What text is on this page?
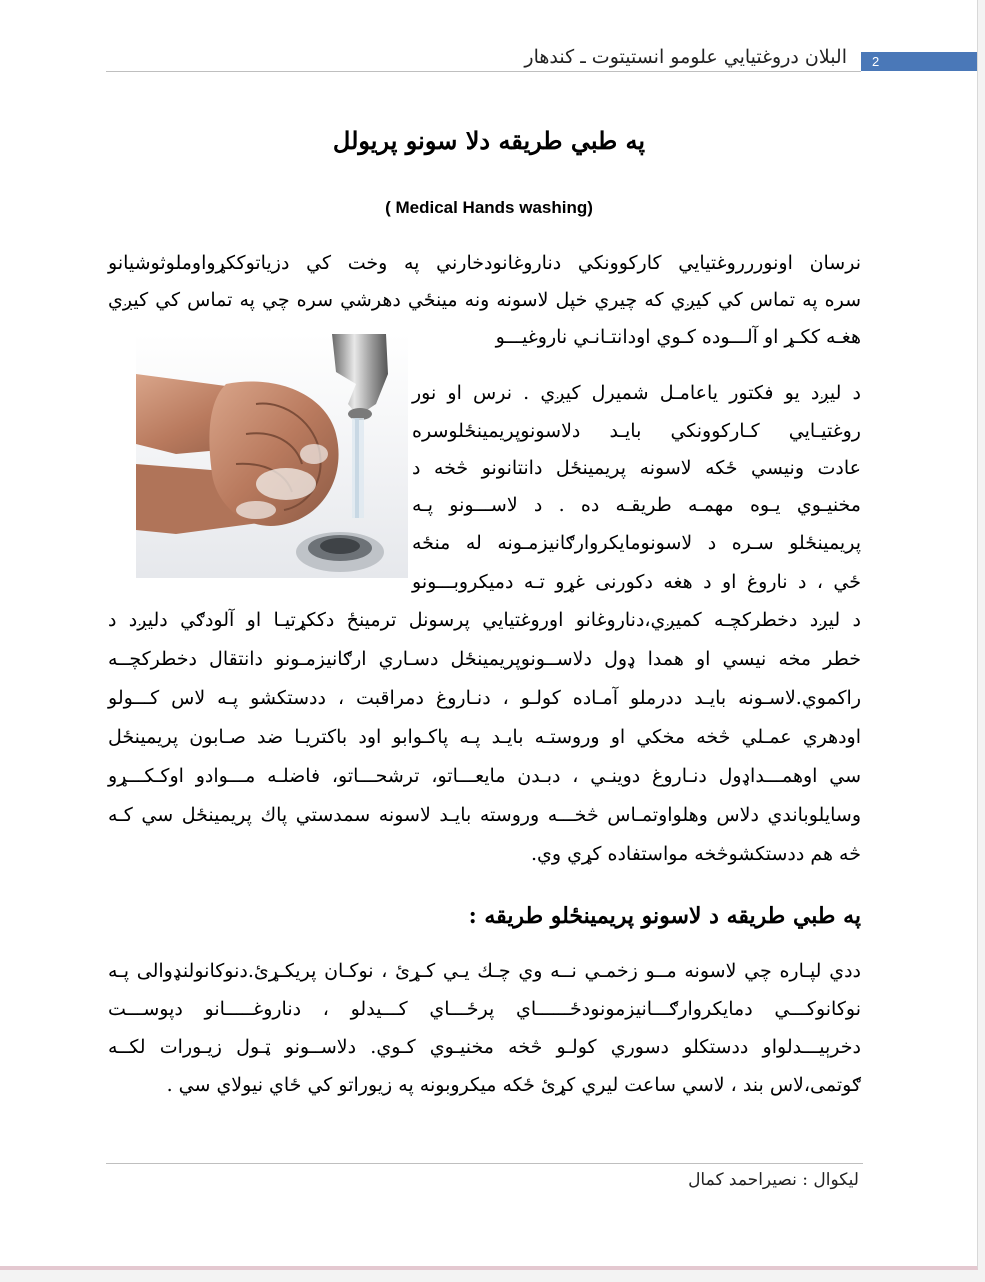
2
البلان دروغتیایي علومو انستیتوت ـ کندهار
په طبي طریقه دلا سونو پریولل
( Medical Hands washing)
نرسان اونوررروغتیایي کارکوونکي دناروغانودخارني په وخت کي دزیاتوککړواوملوثوشیانو
سره په تماس کي کیږي که چیري خپل لاسونه ونه مینځي دهرشي سره چي په تماس کي کیږي
هغـه ککـړ او آلـــوده کـوي اودانتـانـي ناروغیـــو
د لیږد یو فکتور یاعامـل شمیرل کیږي . نرس او نور
روغتیـایي کـارکوونکي بایـد دلاسونوپریمینځلوسره
عادت ونیسي ځکه لاسونه پریمینځل دانتانونو څخه د
مخنیـوي یـوه مهمـه طریقـه ده . د لاســـونو پـه
پریمینځلو سـره د لاسونومایکروارګانیزمـونه له منځه
ځي ، د ناروغ او د هغه دکورنی غړو تـه دمیکروبـــونو
د لیږد دخطرکچـه کمیږي،دناروغانو اوروغتیایي پرسونل ترمینځ دککړتیـا او آلودګي دلیږد د
خطر مخه نیسي او همدا ډول دلاســونوپریمینځل دسـاري ارګانیزمـونو دانتقال دخطرکچــه
راکموي.لاسـونه بایـد ددرملو آمـاده کولـو ، دنـاروغ دمراقبت ، ددستکشو پـه لاس کـــولو
اودهري عمـلي څخه مخکي او وروستـه بایـد پـه پاکـوابو اود باکتریـا ضد صـابون پریمینځل
سي اوهمـــداډول دنـاروغ دوینـي ، دبـدن مایعـــاتو، ترشحـــاتو، فاضلـه مـــوادو اوکـکـــړو
وسایلوباندي دلاس وهلواوتمـاس څخـــه وروسته بایـد لاسونه سمدستي پاك پریمینځل سي کـه
څه هم ددستکشوڅخه مواستفاده کړي وي.
په طبي طریقه د لاسونو پریمینځلو طریقه :
ددي لپـاره چي لاسونه مــو زخمـي نــه وي چـك یـي کـړئ ، نوکـان پریکـړئ.دنوکانولنډوالی پـه
نوکانوکـــي دمایکروارګـــانیزمونودځــــــاي پرځـــاي کـــیدلو ، دناروغـــــانو دپوســـت
دخرېیـــدلواو ددستکلو دسوري کولـو څخه مخنیـوي کـوي. دلاســونو ټـول زیـورات لکــه
ګوتمی،لاس بند ، لاسي ساعت لیري کړئ ځکه میکروبونه په زیوراتو کي ځاي نیولاي سي .
لیکوال : نصیراحمد کمال
